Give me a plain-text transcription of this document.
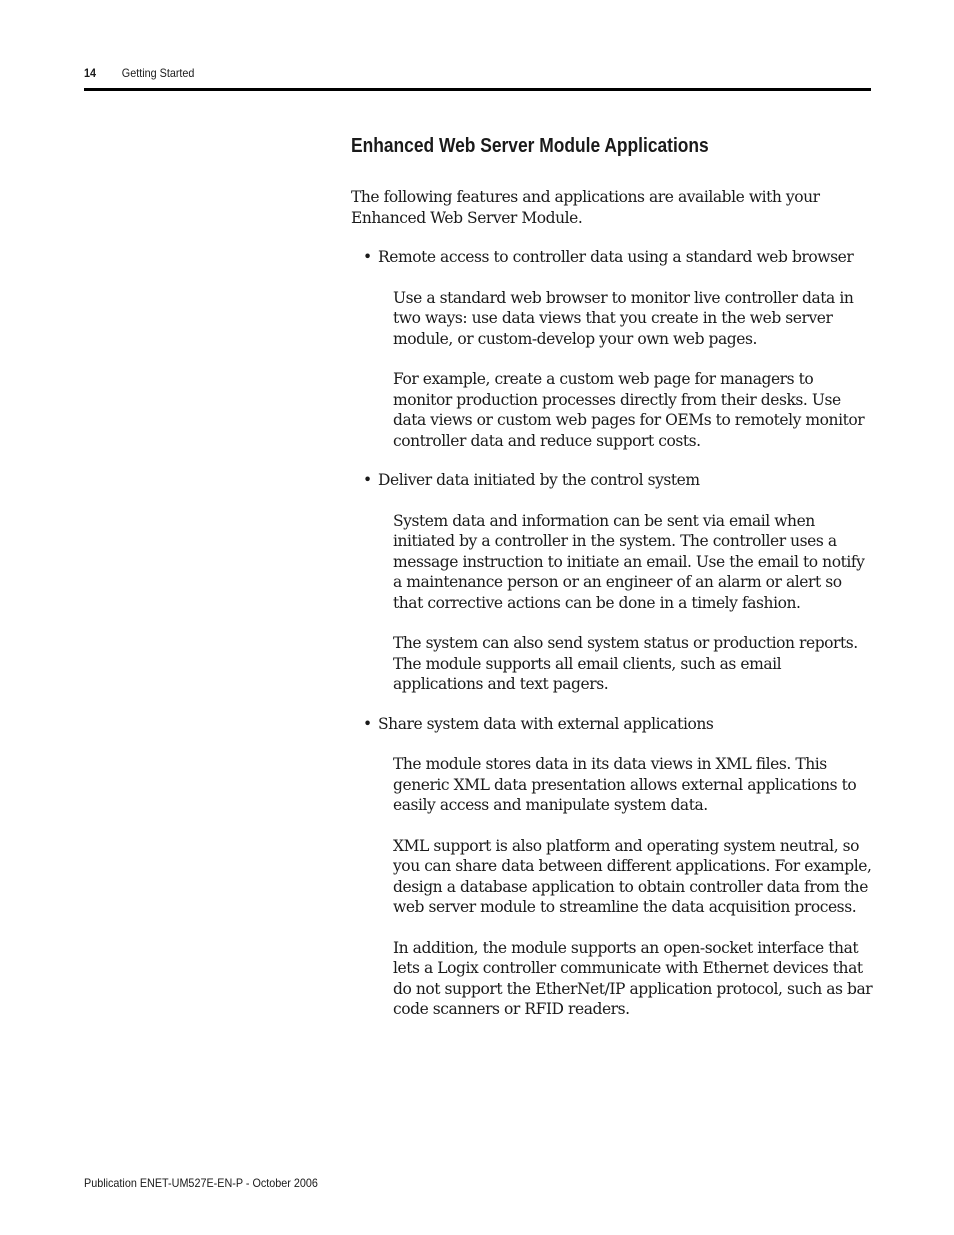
14 Getting Started
Enhanced Web Server Module Applications

The following features and applications are available with your Enhanced Web Server Module.

• Remote access to controller data using a standard web browser

Use a standard web browser to monitor live controller data in two ways: use data views that you create in the web server module, or custom-develop your own web pages.

For example, create a custom web page for managers to monitor production processes directly from their desks. Use data views or custom web pages for OEMs to remotely monitor controller data and reduce support costs.

• Deliver data initiated by the control system

System data and information can be sent via email when initiated by a controller in the system. The controller uses a message instruction to initiate an email. Use the email to notify a maintenance person or an engineer of an alarm or alert so that corrective actions can be done in a timely fashion.

The system can also send system status or production reports. The module supports all email clients, such as email applications and text pagers.

• Share system data with external applications

The module stores data in its data views in XML files. This generic XML data presentation allows external applications to easily access and manipulate system data.

XML support is also platform and operating system neutral, so you can share data between different applications. For example, design a database application to obtain controller data from the web server module to streamline the data acquisition process.

In addition, the module supports an open-socket interface that lets a Logix controller communicate with Ethernet devices that do not support the EtherNet/IP application protocol, such as bar code scanners or RFID readers.

Publication ENET-UM527E-EN-P - October 2006
